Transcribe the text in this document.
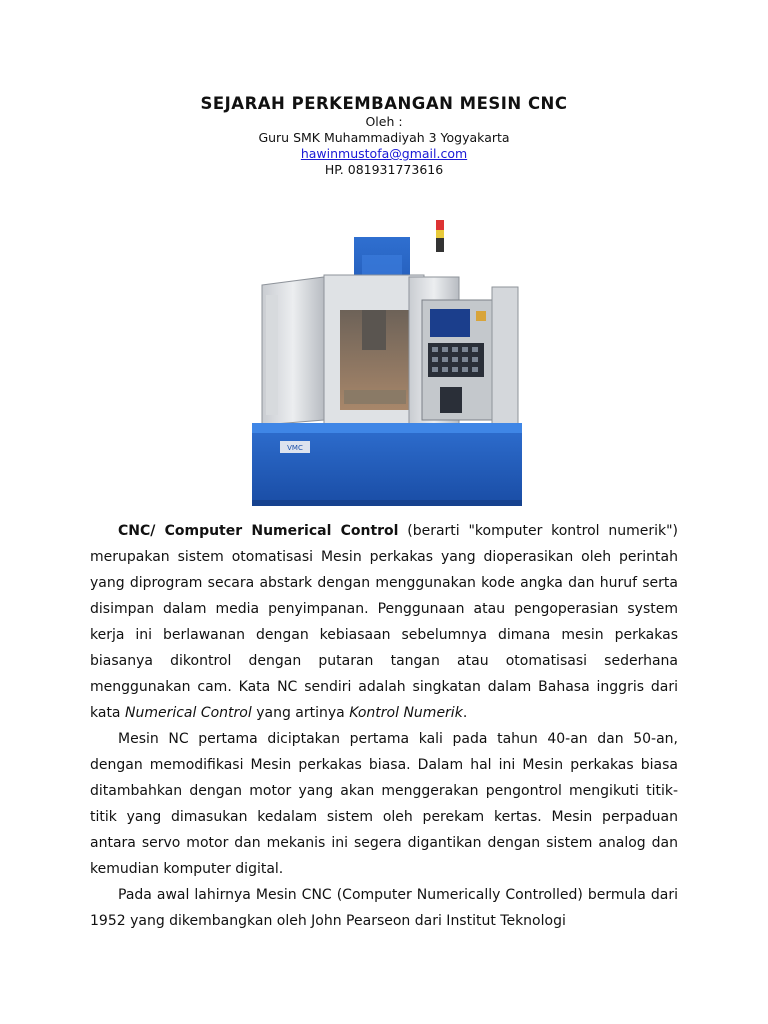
SEJARAH PERKEMBANGAN MESIN CNC
Oleh :
Guru SMK Muhammadiyah 3 Yogyakarta
hawinmustofa@gmail.com
HP. 081931773616
VMC

CNC/ Computer Numerical Control (berarti "komputer kontrol numerik") merupakan sistem otomatisasi Mesin perkakas yang dioperasikan oleh perintah yang diprogram secara abstark dengan menggunakan kode angka dan huruf serta disimpan dalam media penyimpanan. Penggunaan atau pengoperasian system kerja ini berlawanan dengan kebiasaan sebelumnya dimana mesin perkakas biasanya dikontrol dengan putaran tangan atau otomatisasi sederhana menggunakan cam. Kata NC sendiri adalah singkatan dalam Bahasa inggris dari kata Numerical Control yang artinya Kontrol Numerik.

Mesin NC pertama diciptakan pertama kali pada tahun 40-an dan 50-an, dengan memodifikasi Mesin perkakas biasa. Dalam hal ini Mesin perkakas biasa ditambahkan dengan motor yang akan menggerakan pengontrol mengikuti titik-titik yang dimasukan kedalam sistem oleh perekam kertas. Mesin perpaduan antara servo motor dan mekanis ini segera digantikan dengan sistem analog dan kemudian komputer digital.

Pada awal lahirnya Mesin CNC (Computer Numerically Controlled) bermula dari 1952 yang dikembangkan oleh John Pearseon dari Institut Teknologi
